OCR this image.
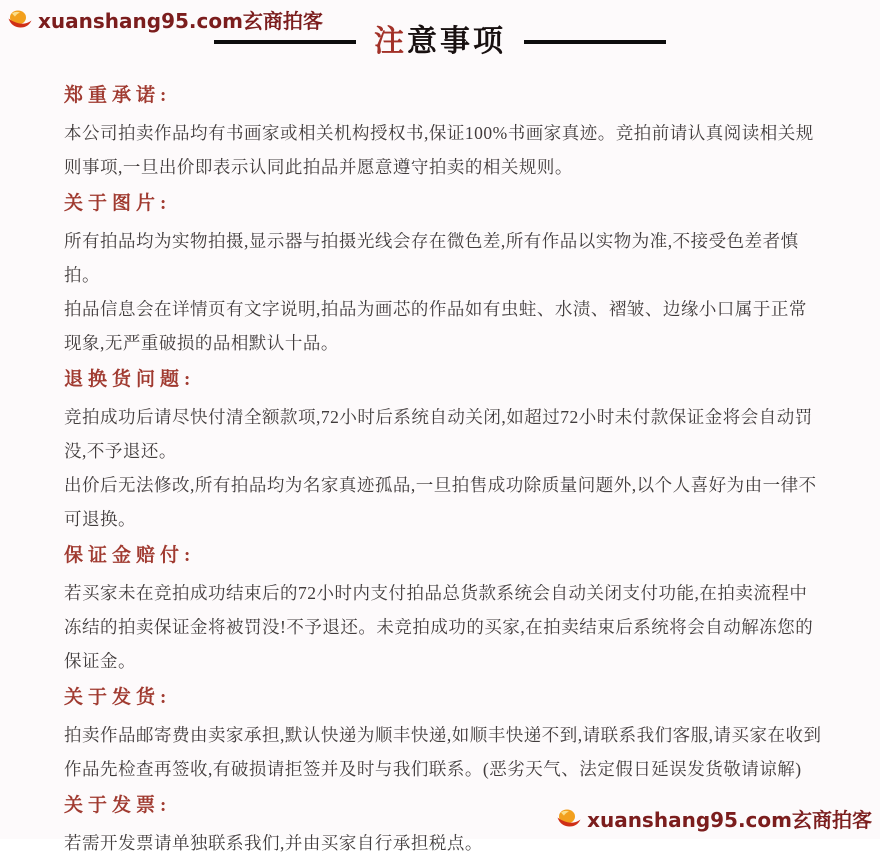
xuanshang95.com玄商拍客
注意事项
郑重承诺:

本公司拍卖作品均有书画家或相关机构授权书,保证100%书画家真迹。竞拍前请认真阅读相关规则事项,一旦出价即表示认同此拍品并愿意遵守拍卖的相关规则。

关于图片:

所有拍品均为实物拍摄,显示器与拍摄光线会存在微色差,所有作品以实物为准,不接受色差者慎拍。

拍品信息会在详情页有文字说明,拍品为画芯的作品如有虫蛀、水渍、褶皱、边缘小口属于正常现象,无严重破损的品相默认十品。

退换货问题:

竞拍成功后请尽快付清全额款项,72小时后系统自动关闭,如超过72小时未付款保证金将会自动罚没,不予退还。

出价后无法修改,所有拍品均为名家真迹孤品,一旦拍售成功除质量问题外,以个人喜好为由一律不可退换。

保证金赔付:

若买家未在竞拍成功结束后的72小时内支付拍品总货款系统会自动关闭支付功能,在拍卖流程中冻结的拍卖保证金将被罚没!不予退还。未竞拍成功的买家,在拍卖结束后系统将会自动解冻您的保证金。

关于发货:

拍卖作品邮寄费由卖家承担,默认快递为顺丰快递,如顺丰快递不到,请联系我们客服,请买家在收到作品先检查再签收,有破损请拒签并及时与我们联系。(恶劣天气、法定假日延误发货敬请谅解)

关于发票:

若需开发票请单独联系我们,并由买家自行承担税点。

xuanshang95.com玄商拍客
